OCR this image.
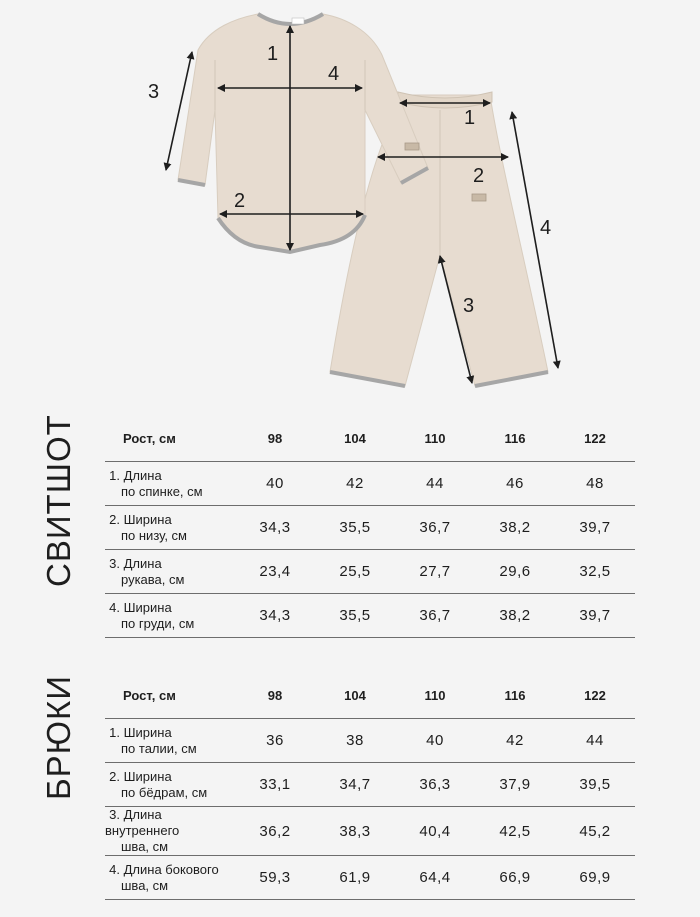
1
2
3
4
1
2
3
4
СВИТШОТ	Рост, см	98	104	110	116	122

1. Длина
по спинке, см	40	42	44	46	48

2. Ширина
по низу, см	34,3	35,5	36,7	38,2	39,7

3. Длина
рукава, см	23,4	25,5	27,7	29,6	32,5

4. Ширина
по груди, см	34,3	35,5	36,7	38,2	39,7
БРЮКИ	Рост, см	98	104	110	116	122

1. Ширина
по талии, см	36	38	40	42	44

2. Ширина
по бёдрам, см	33,1	34,7	36,3	37,9	39,5

3. Длина внутреннего
шва, см	36,2	38,3	40,4	42,5	45,2

4. Длина бокового
шва, см	59,3	61,9	64,4	66,9	69,9
